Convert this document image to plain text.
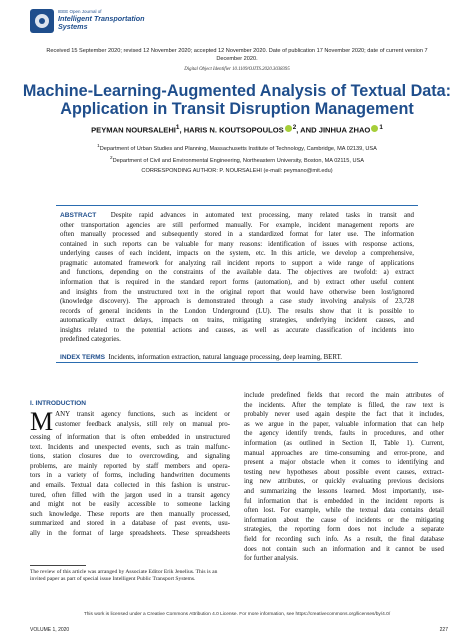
IEEE Open Journal of
Intelligent Transportation Systems
Received 15 September 2020; revised 12 November 2020; accepted 12 November 2020. Date of publication 17 November 2020; date of current version 7 December 2020.
Digital Object Identifier 10.1109/OJITS.2020.3038395
Machine-Learning-Augmented Analysis of Textual Data: Application in Transit Disruption Management
PEYMAN NOURSALEHI$^1$, HARIS N. KOUTSOPOULOS $^2$, AND JINHUA ZHAO $^1$
$^1$Department of Urban Studies and Planning, Massachusetts Institute of Technology, Cambridge, MA 02139, USA
$^2$Department of Civil and Environmental Engineering, Northeastern University, Boston, MA 02115, USA
CORRESPONDING AUTHOR: P. NOURSALEHI (e-mail: peymano@mit.edu)
ABSTRACT Despite rapid advances in automated text processing, many related tasks in transit and
other transportation agencies are still performed manually. For example, incident management reports are
often manually processed and subsequently stored in a standardized format for later use. The information
contained in such reports can be valuable for many reasons: identification of issues with response actions,
underlying causes of each incident, impacts on the system, etc. In this article, we develop a comprehensive,
pragmatic automated framework for analyzing rail incident reports to support a wide range of applications
and functions, depending on the constraints of the available data. The objectives are twofold: a) extract
information that is required in the standard report forms (automation), and b) extract other useful content
and insights from the unstructured text in the original report that would have otherwise been lost/ignored
(knowledge discovery). The approach is demonstrated through a case study involving analysis of 23,728
records of general incidents in the London Underground (LU). The results show that it is possible to
automatically extract delays, impacts on trains, mitigating strategies, underlying incident causes, and
insights related to the potential actions and causes, as well as accurate classification of incidents into
predefined categories.
INDEX TERMS Incidents, information extraction, natural language processing, deep learning, BERT.
I. INTRODUCTION
M ANY transit agency functions, such as incident or
customer feedback analysis, still rely on manual pro-
cessing of information that is often embedded in unstructured
text. Incidents and unexpected events, such as train malfunc-
tions, station closures due to overcrowding, and signaling
problems, are mainly reported by staff members and opera-
tors in a variety of forms, including handwritten documents
and emails. Textual data collected in this fashion is unstruc-
tured, often filled with the jargon used in a transit agency
and might not be easily accessible to someone lacking
such knowledge. These reports are then manually processed,
summarized and stored in a database of past events, usu-
ally in the format of large spreadsheets. These spreadsheets
include predefined fields that record the main attributes of
the incidents. After the template is filled, the raw text is
probably never used again despite the fact that it includes,
as we argue in the paper, valuable information that can help
the agency identify trends, faults in procedures, and other
information (as outlined in Section II, Table 1). Current,
manual approaches are time-consuming and error-prone, and
present a major obstacle when it comes to identifying and
testing new hypotheses about possible event causes, extract-
ing new attributes, or quickly evaluating previous decisions
and summarizing the lessons learned. Most importantly, use-
ful information that is embedded in the incident reports is
often lost. For example, while the textual data contains detail
information about the cause of incidents or the mitigating
strategies, the reporting form does not include a separate
field for recording such info. As a result, the final database
does not contain such an information and it cannot be used
for further analysis.
The review of this article was arranged by Associate Editor Erik Jenelius. This is an invited paper as part of special issue Intelligent Public Transport Systems.
This work is licensed under a Creative Commons Attribution 4.0 License. For more information, see https://creativecommons.org/licenses/by/4.0/
VOLUME 1, 2020	227
